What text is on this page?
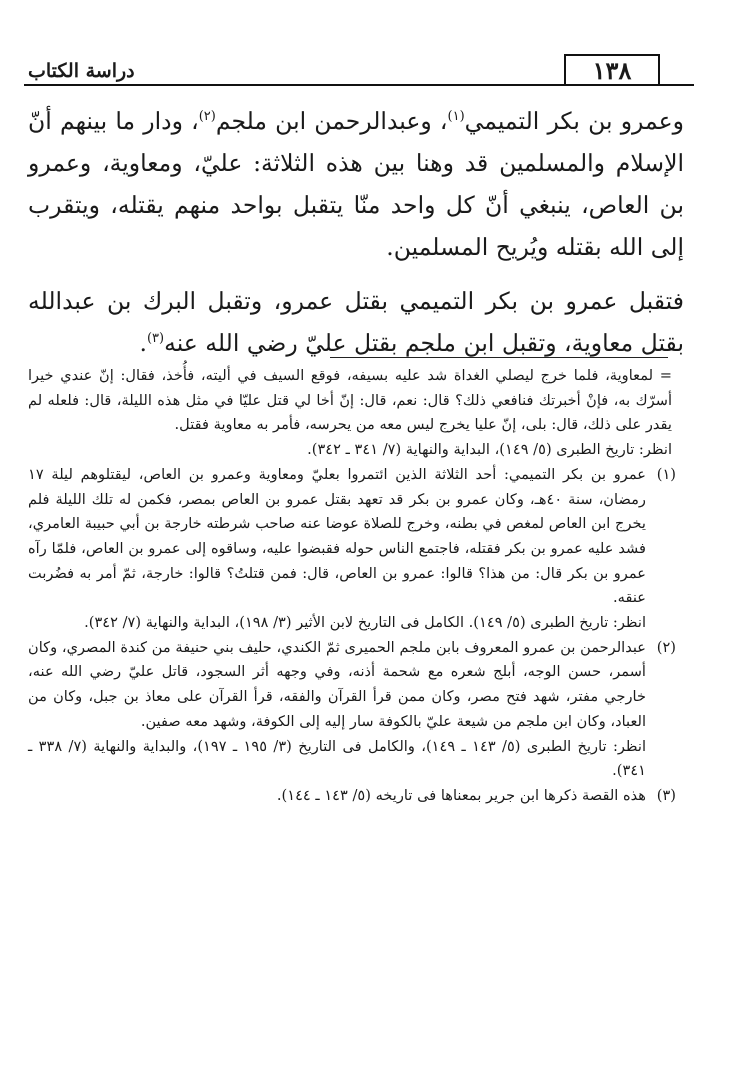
دراسة الكتاب	١٣٨

وعمرو بن بكر التميمي$^{(١)}$، وعبدالرحمن ابن ملجم$^{(٢)}$، ودار ما بينهم أنّ الإسلام والمسلمين قد وهنا بين هذه الثلاثة: عليّ، ومعاوية، وعمرو بن العاص، ينبغي أنّ كل واحد منّا يتقبل بواحد منهم يقتله، ويتقرب إلى الله بقتله ويُريح المسلمين.

فتقبل عمرو بن بكر التميمي بقتل عمرو، وتقبل البرك بن عبدالله بقتل معاوية، وتقبل ابن ملجم بقتل عليّ رضي الله عنه$^{(٣)}$.

= لمعاوية، فلما خرج ليصلي الغداة شد عليه بسيفه، فوقع السيف في أليته، فأُخذ، فقال: إنّ عندي خيرا أسرّك به، فإنْ أخبرتك فنافعي ذلك؟ قال: نعم، قال: إنّ أخا لي قتل عليّا في مثل هذه الليلة، قال: فلعله لم يقدر على ذلك، قال: بلى، إنّ عليا يخرج ليس معه من يحرسه، فأمر به معاوية فقتل.

انظر: تاريخ الطبرى (٥/ ١٤٩)، البداية والنهاية (٧/ ٣٤١ ـ ٣٤٢).

(١)

عمرو بن بكر التميمي: أحد الثلاثة الذين ائتمروا بعليّ ومعاوية وعمرو بن العاص، ليقتلوهم ليلة ١٧ رمضان، سنة ٤٠هـ، وكان عمرو بن بكر قد تعهد بقتل عمرو بن العاص بمصر، فكمن له تلك الليلة فلم يخرج ابن العاص لمغص في بطنه، وخرج للصلاة عوضا عنه صاحب شرطته خارجة بن أبي حبيبة العامري، فشد عليه عمرو بن بكر فقتله، فاجتمع الناس حوله فقبضوا عليه، وساقوه إلى عمرو بن العاص، فلمّا رآه عمرو بن بكر قال: من هذا؟ قالوا: عمرو بن العاص، قال: فمن قتلتُ؟ قالوا: خارجة، ثمّ أمر به فضُربت عنقه.

انظر: تاريخ الطبرى (٥/ ١٤٩). الكامل فى التاريخ لابن الأثير (٣/ ١٩٨)، البداية والنهاية (٧/ ٣٤٢).

(٢)

عبدالرحمن بن عمرو المعروف بابن ملجم الحميرى ثمّ الكندي، حليف بني حنيفة من كندة المصري، وكان أسمر، حسن الوجه، أبلج شعره مع شحمة أذنه، وفي وجهه أثر السجود، قاتل عليّ رضي الله عنه، خارجي مفتر، شهد فتح مصر، وكان ممن قرأ القرآن والفقه، قرأ القرآن على معاذ بن جبل، وكان من العباد، وكان ابن ملجم من شيعة عليّ بالكوفة سار إليه إلى الكوفة، وشهد معه صفين.

انظر: تاريخ الطبرى (٥/ ١٤٣ ـ ١٤٩)، والكامل فى التاريخ (٣/ ١٩٥ ـ ١٩٧)، والبداية والنهاية (٧/ ٣٣٨ ـ ٣٤١).

(٣)

هذه القصة ذكرها ابن جرير بمعناها فى تاريخه (٥/ ١٤٣ ـ ١٤٤).
